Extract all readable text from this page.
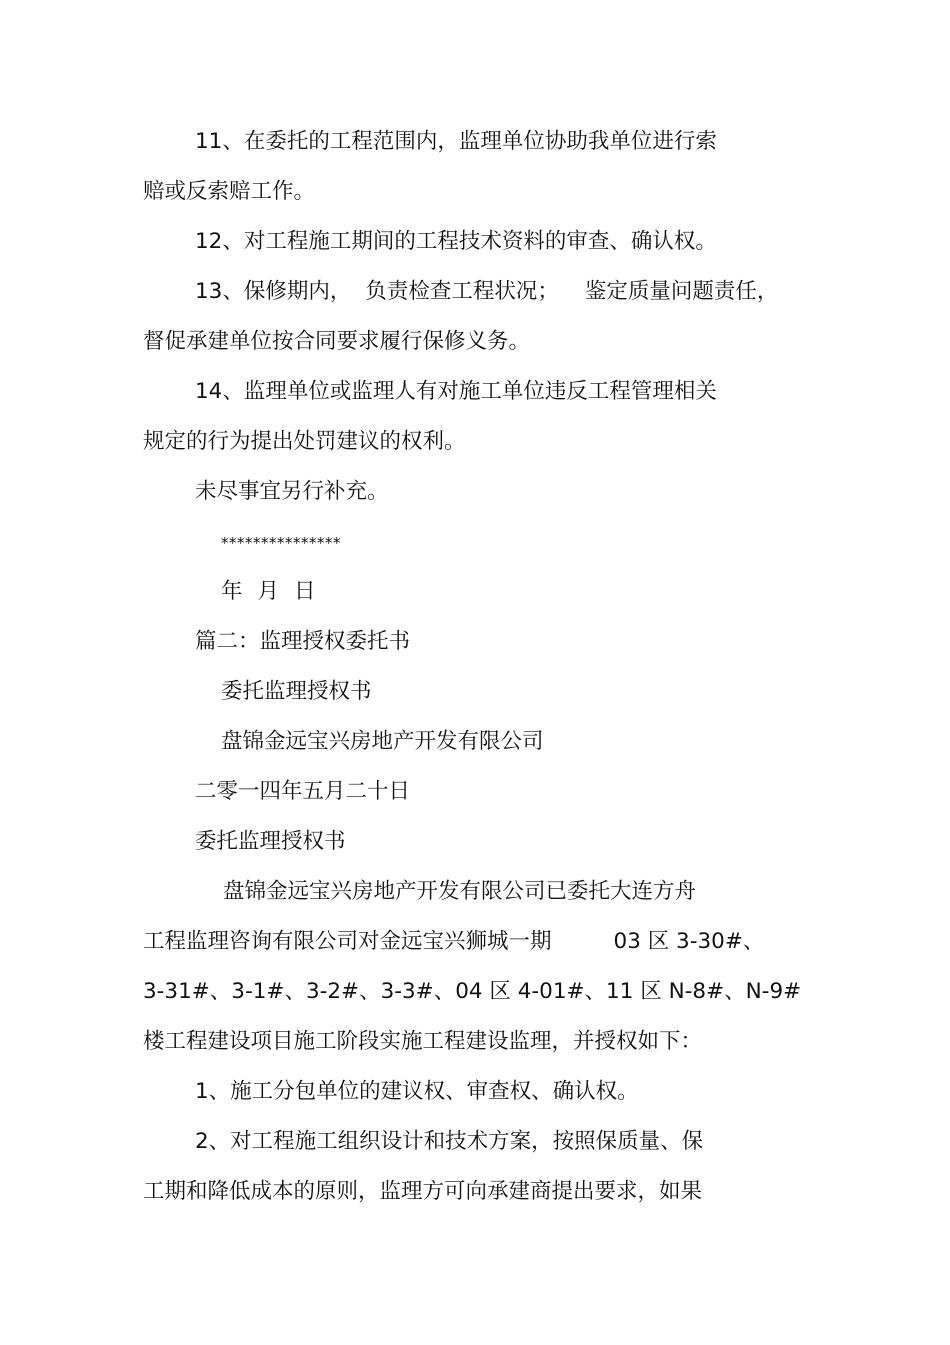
11、在委托的工程范围内，监理单位协助我单位进行索
赔或反索赔工作。
12、对工程施工期间的工程技术资料的审查、确认权。
13、保修期内， 负责检查工程状况； 鉴定质量问题责任，
督促承建单位按合同要求履行保修义务。
14、监理单位或监理人有对施工单位违反工程管理相关
规定的行为提出处罚建议的权利。
未尽事宜另行补充。
***************
年 月 日
篇二：监理授权委托书
委托监理授权书
盘锦金远宝兴房地产开发有限公司
二零一四年五月二十日
委托监理授权书
盘锦金远宝兴房地产开发有限公司已委托大连方舟
工程监理咨询有限公司对金远宝兴狮城一期	03 区 3-30#、
3-31#、3-1#、3-2#、3-3#、04 区 4-01#、11 区 N-8#、N-9#
楼工程建设项目施工阶段实施工程建设监理，并授权如下：
1、施工分包单位的建议权、审查权、确认权。
2、对工程施工组织设计和技术方案，按照保质量、保
工期和降低成本的原则，监理方可向承建商提出要求，如果
